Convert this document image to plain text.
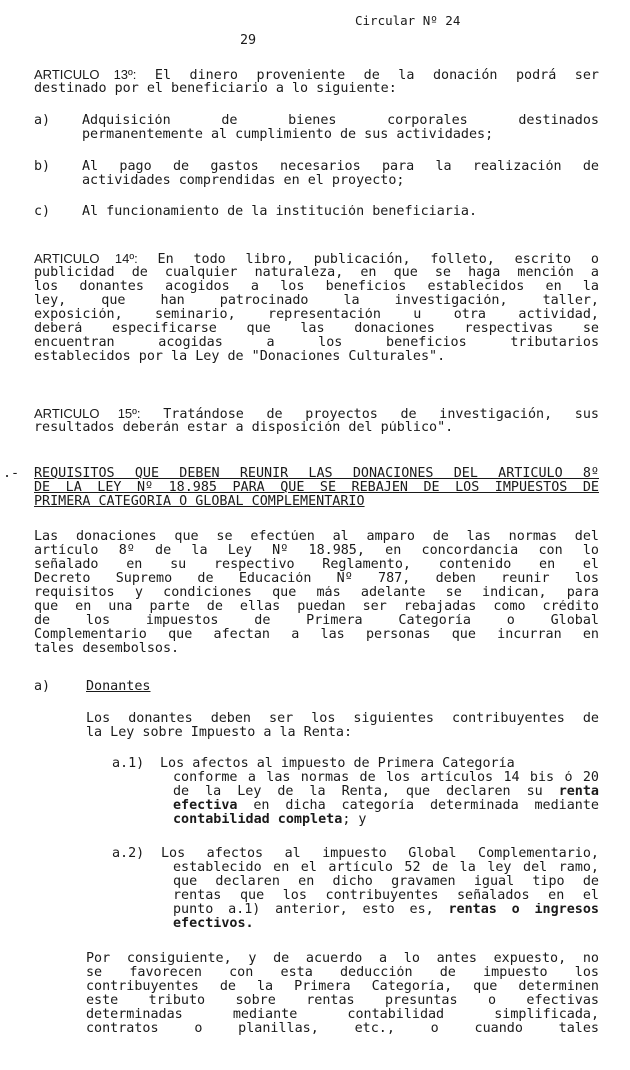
Circular Nº 24
29
ARTICULO 13º: El dinero proveniente de la donación podrá ser
destinado por el beneficiario a lo siguiente:
a) Adquisición de bienes corporales destinados
permanentemente al cumplimiento de sus actividades;
b) Al pago de gastos necesarios para la realización de
actividades comprendidas en el proyecto;
c) Al funcionamiento de la institución beneficiaria.
ARTICULO 14º: En todo libro, publicación, folleto, escrito o
publicidad de cualquier naturaleza, en que se haga mención a
los donantes acogidos a los beneficios establecidos en la
ley, que han patrocinado la investigación, taller,
exposición, seminario, representación u otra actividad,
deberá especificarse que las donaciones respectivas se
encuentran acogidas a los beneficios tributarios
establecidos por la Ley de "Donaciones Culturales".
ARTICULO 15º: Tratándose de proyectos de investigación, sus
resultados deberán estar a disposición del público".
.- REQUISITOS QUE DEBEN REUNIR LAS DONACIONES DEL ARTICULO 8º
DE LA LEY Nº 18.985 PARA QUE SE REBAJEN DE LOS IMPUESTOS DE
PRIMERA CATEGORIA O GLOBAL COMPLEMENTARIO
Las donaciones que se efectúen al amparo de las normas del
artículo 8º de la Ley Nº 18.985, en concordancia con lo
señalado en su respectivo Reglamento, contenido en el
Decreto Supremo de Educación Nº 787, deben reunir los
requisitos y condiciones que más adelante se indican, para
que en una parte de ellas puedan ser rebajadas como crédito
de los impuestos de Primera Categoría o Global
Complementario que afectan a las personas que incurran en
tales desembolsos.
a)	Donantes
Los donantes deben ser los siguientes contribuyentes de
la Ley sobre Impuesto a la Renta:
a.1) Los afectos al impuesto de Primera Categoría
conforme a las normas de los artículos 14 bis ó 20
de la Ley de la Renta, que declaren su renta
efectiva en dicha categoría determinada mediante
contabilidad completa; y
a.2) Los afectos al impuesto Global Complementario,
establecido en el artículo 52 de la ley del ramo,
que declaren en dicho gravamen igual tipo de
rentas que los contribuyentes señalados en el
punto a.1) anterior, esto es, rentas o ingresos
efectivos.
Por consiguiente, y de acuerdo a lo antes expuesto, no
se favorecen con esta deducción de impuesto los
contribuyentes de la Primera Categoría, que determinen
este tributo sobre rentas presuntas o efectivas
determinadas mediante contabilidad simplificada,
contratos o planillas, etc., o cuando tales
